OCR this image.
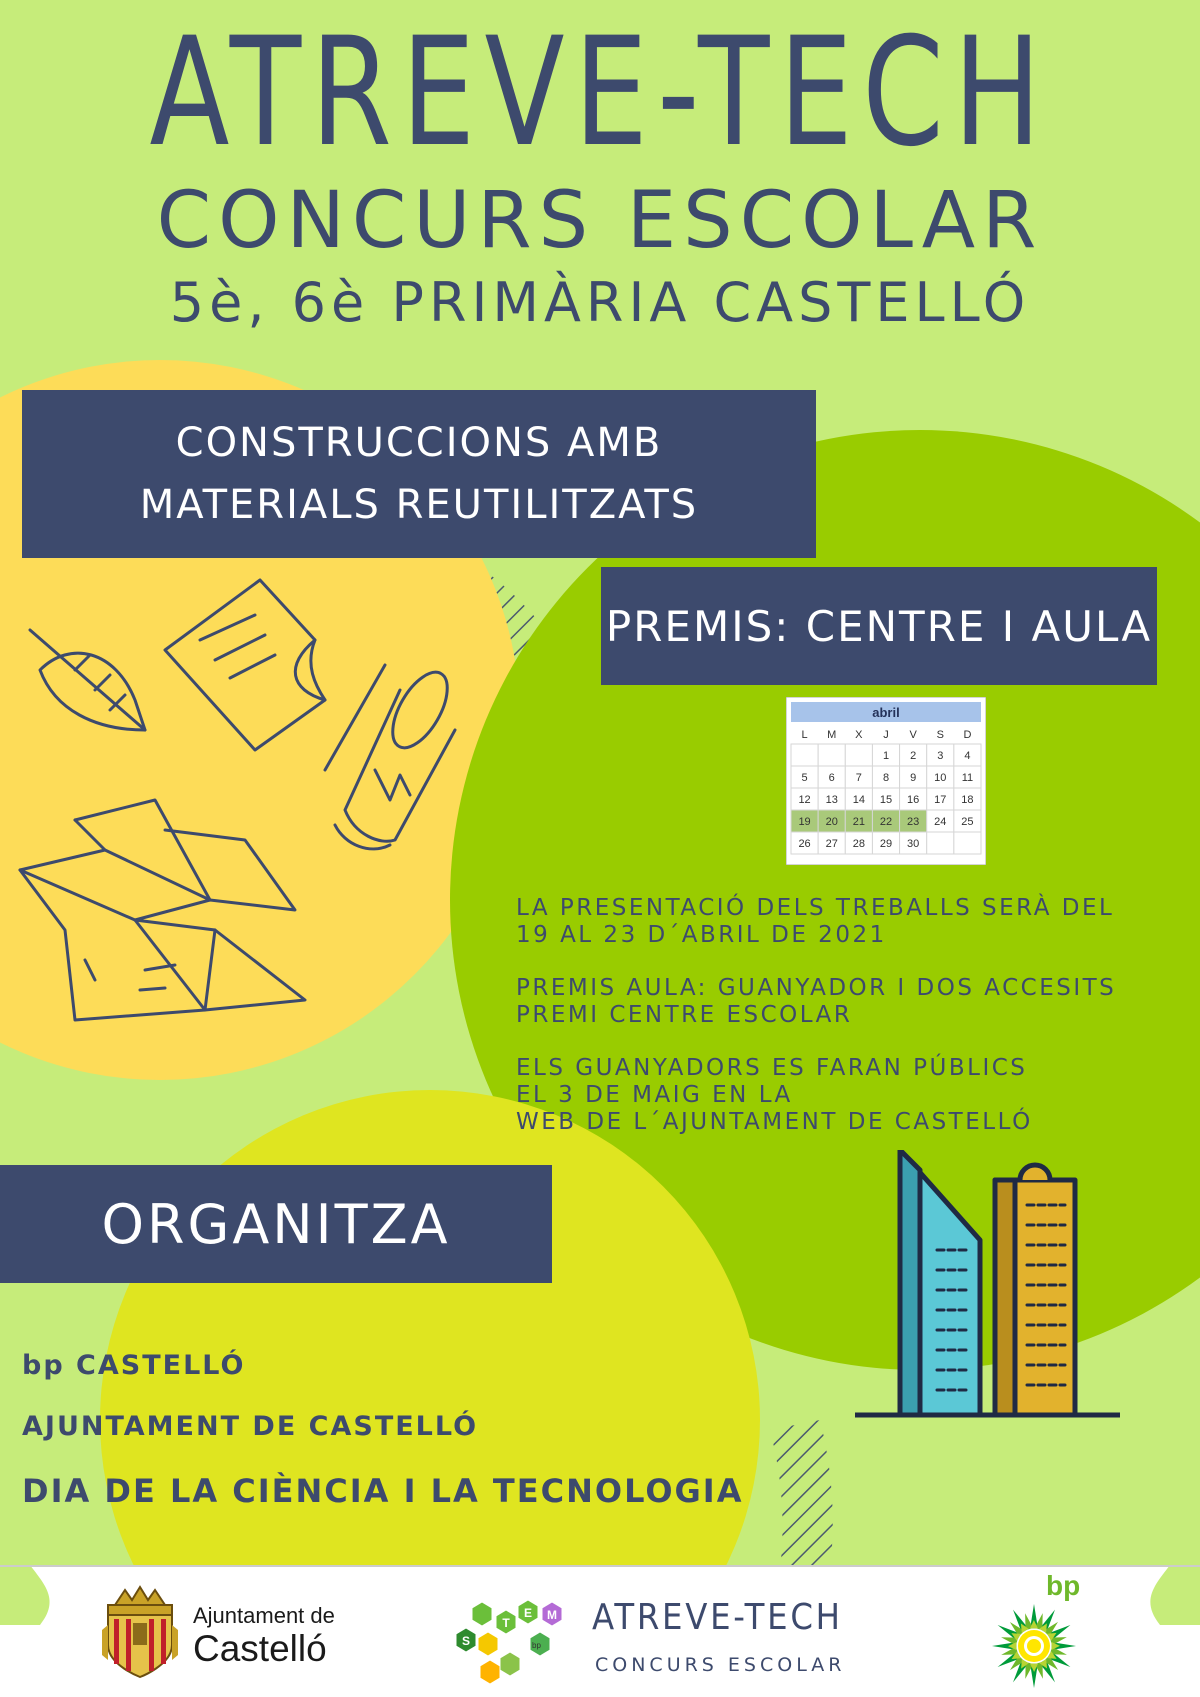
ATREVE-TECH
CONCURS ESCOLAR
5è, 6è PRIMÀRIA CASTELLÓ
CONSTRUCCIONS AMB
MATERIALS REUTILITZATS
PREMIS: CENTRE I AULA
abril
L M X J V S D
1 2 3 4
5 6 7 8 9 10 11
12 13 14 15 16 17 18
19 20 21 22 23 24 25
26 27 28 29 30
LA PRESENTACIÓ DELS TREBALLS SERÀ DEL
19 AL 23 D´ABRIL DE 2021
PREMIS AULA: GUANYADOR I DOS ACCESITS
PREMI CENTRE ESCOLAR
ELS GUANYADORS ES FARAN PÚBLICS
EL 3 DE MAIG EN LA
WEB DE L´AJUNTAMENT DE CASTELLÓ
ORGANITZA
bp CASTELLÓ
AJUNTAMENT DE CASTELLÓ
DIA DE LA CIÈNCIA I LA TECNOLOGIA
Ajuntament de
Castelló	S
T
E M
bp
ATREVE-TECH
CONCURS ESCOLAR
bp
